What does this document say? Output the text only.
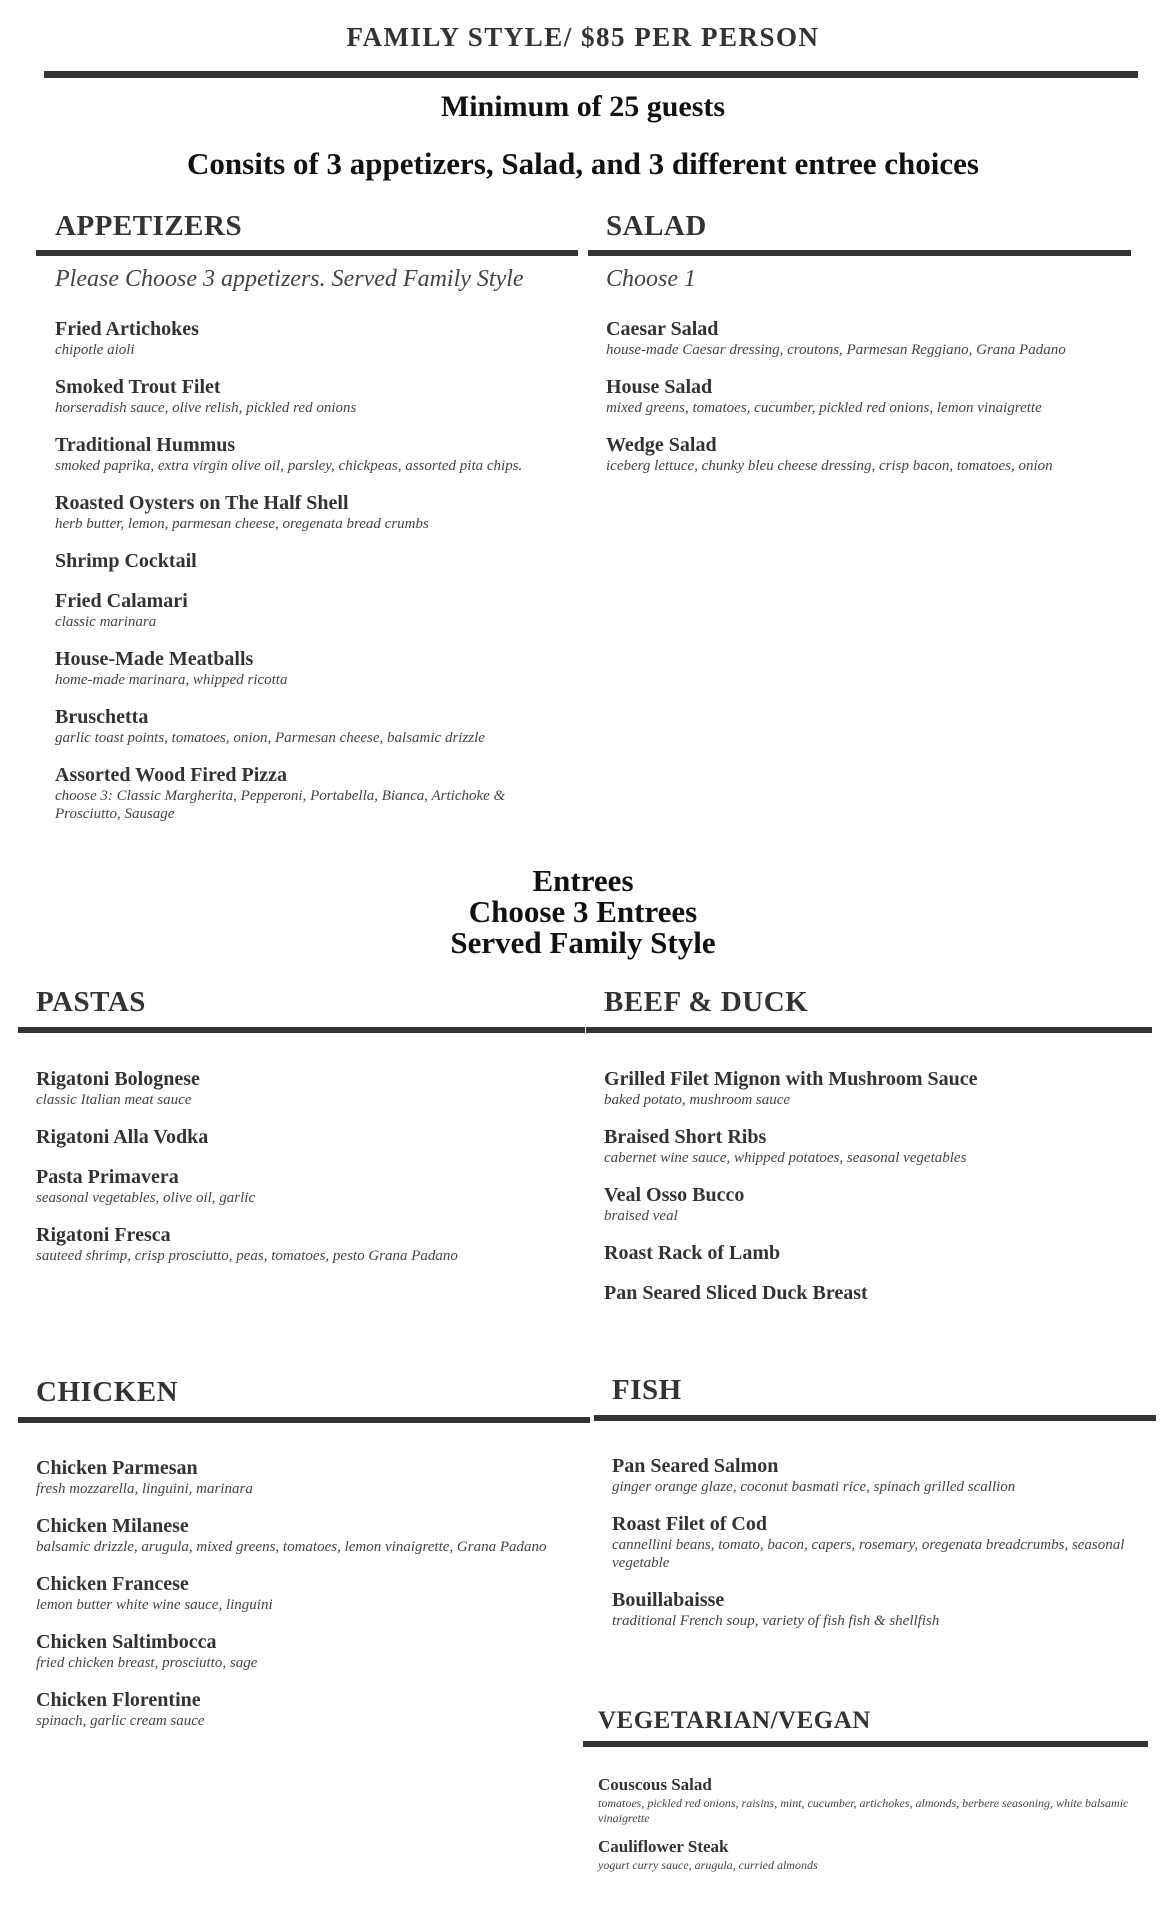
FAMILY STYLE/ $85 PER PERSON
Minimum of 25 guests
Consits of 3 appetizers, Salad, and 3 different entree choices
APPETIZERS
Please Choose 3 appetizers. Served Family Style
Fried Artichokes
chipotle aioli
Smoked Trout Filet
horseradish sauce, olive relish, pickled red onions
Traditional Hummus
smoked paprika, extra virgin olive oil, parsley, chickpeas, assorted pita chips.
Roasted Oysters on The Half Shell
herb butter, lemon, parmesan cheese, oregenata bread crumbs
Shrimp Cocktail
Fried Calamari
classic marinara
House-Made Meatballs
home-made marinara, whipped ricotta
Bruschetta
garlic toast points, tomatoes, onion, Parmesan cheese, balsamic drizzle
Assorted Wood Fired Pizza
choose 3: Classic Margherita, Pepperoni, Portabella, Bianca, Artichoke & Prosciutto, Sausage
SALAD
Choose 1
Caesar Salad
house-made Caesar dressing, croutons, Parmesan Reggiano, Grana Padano
House Salad
mixed greens, tomatoes, cucumber, pickled red onions, lemon vinaigrette
Wedge Salad
iceberg lettuce, chunky bleu cheese dressing, crisp bacon, tomatoes, onion
Entrees
Choose 3 Entrees
Served Family Style
PASTAS
Rigatoni Bolognese
classic Italian meat sauce
Rigatoni Alla Vodka
Pasta Primavera
seasonal vegetables, olive oil, garlic
Rigatoni Fresca
sauteed shrimp, crisp prosciutto, peas, tomatoes, pesto Grana Padano
BEEF & DUCK
Grilled Filet Mignon with Mushroom Sauce
baked potato, mushroom sauce
Braised Short Ribs
cabernet wine sauce, whipped potatoes, seasonal vegetables
Veal Osso Bucco
braised veal
Roast Rack of Lamb
Pan Seared Sliced Duck Breast
CHICKEN
Chicken Parmesan
fresh mozzarella, linguini, marinara
Chicken Milanese
balsamic drizzle, arugula, mixed greens, tomatoes, lemon vinaigrette, Grana Padano
Chicken Francese
lemon butter white wine sauce, linguini
Chicken Saltimbocca
fried chicken breast, prosciutto, sage
Chicken Florentine
spinach, garlic cream sauce
FISH
Pan Seared Salmon
ginger orange glaze, coconut basmati rice, spinach grilled scallion
Roast Filet of Cod
cannellini beans, tomato, bacon, capers, rosemary, oregenata breadcrumbs, seasonal vegetable
Bouillabaisse
traditional French soup, variety of fish fish & shellfish
VEGETARIAN/VEGAN
Couscous Salad
tomatoes, pickled red onions, raisins, mint, cucumber, artichokes, almonds, berbere seasoning, white balsamic vinaigrette
Cauliflower Steak
yogurt curry sauce, arugula, curried almonds
